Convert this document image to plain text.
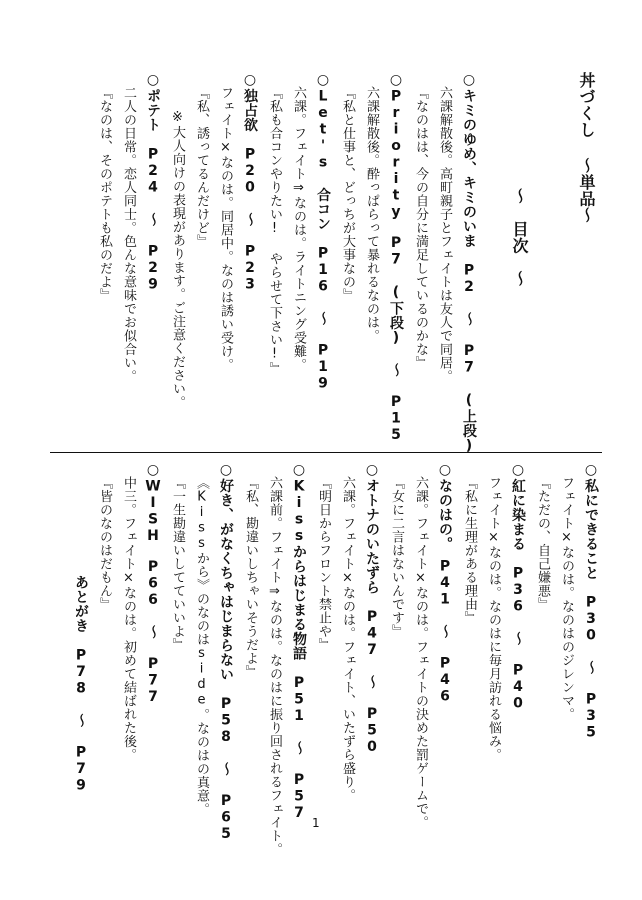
丼づくし ～単品～
～　目次　～
○キミのゆめ、キミのいま　P2 ～ P7 (上段)
六課解散後。高町親子とフェイトは友人で同居。
『なのはは、今の自分に満足しているのかな』
○Priority　P7 (下段) ～ P15
六課解散後。酔っぱらって暴れるなのは。
『私と仕事と、どっちが大事なの』
○Let's 合コン　P16 ～ P19
六課。フェイト⇒なのは。ライトニング受難。
『私も合コンやりたい! やらせて下さい!』
○独占欲　P20 ～ P23
フェイト×なのは。同居中。なのは誘い受け。
『私、誘ってるんだけど』
※大人向けの表現があります。ご注意ください。
○ポテト　P24 ～ P29
二人の日常。恋人同士。色んな意味でお似合い。
『なのは、そのポテトも私のだよ』
○私にできること　P30 ～ P35
フェイト×なのは。なのはのジレンマ。
『ただの、自己嫌悪』
○紅に染まる　P36 ～ P40
フェイト×なのは。なのはに毎月訪れる悩み。
『私に生理がある理由』
○なのはの。　P41 ～ P46
六課。フェイト×なのは。フェイトの決めた罰ゲームで。
『女に二言はないんです』
○オトナのいたずら　P47 ～ P50
六課。フェイト×なのは。フェイト、いたずら盛り。
『明日からフロント禁止や』
○Kissからはじまる物語　P51 ～ P57
六課前。フェイト⇒なのは。なのはに振り回されるフェイト。
『私、勘違いしちゃいそうだよ』
○好き、がなくちゃはじまらない　P58 ～ P65
《Kissから》のなのはside。なのはの真意。
『一生勘違いしてていいよ』
○WISH　P66 ～ P77
中三。フェイト×なのは。初めて結ばれた後。
『皆のなのはだもん』
あとがき　P78 ～ P79
1
